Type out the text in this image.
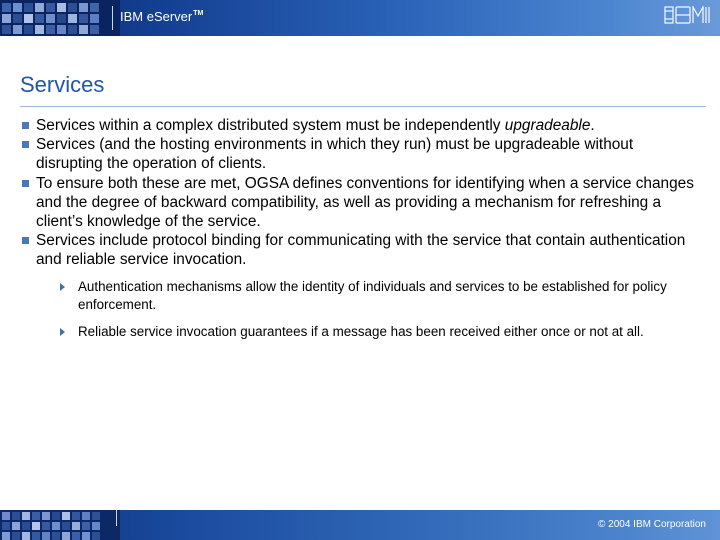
IBM eServer™
Services

Services within a complex distributed system must be independently upgradeable.

Services (and the hosting environments in which they run) must be upgradeable without disrupting the operation of clients.

To ensure both these are met, OGSA defines conventions for identifying when a service changes and the degree of backward compatibility, as well as providing a mechanism for refreshing a client’s knowledge of the service.

Services include protocol binding for communicating with the service that contain authentication and reliable service invocation.

Authentication mechanisms allow the identity of individuals and services to be established for policy enforcement.

Reliable service invocation guarantees if a message has been received either once or not at all.

© 2004 IBM Corporation
